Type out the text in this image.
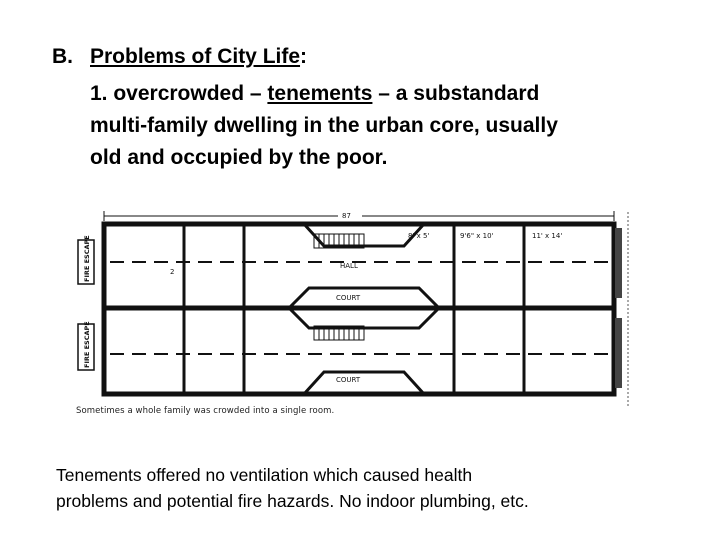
B. Problems of City Life:
1. overcrowded – tenements – a substandard
multi-family dwelling in the urban core, usually
old and occupied by the poor.
87
FIRE ESCAPE
FIRE ESCAPE
8' x 5'	9'6" x 10'	11' x 14'
HALL
COURT
COURT
2
Sometimes a whole family was crowded into a single room.
Tenements offered no ventilation which caused health
problems and potential fire hazards. No indoor plumbing, etc.
